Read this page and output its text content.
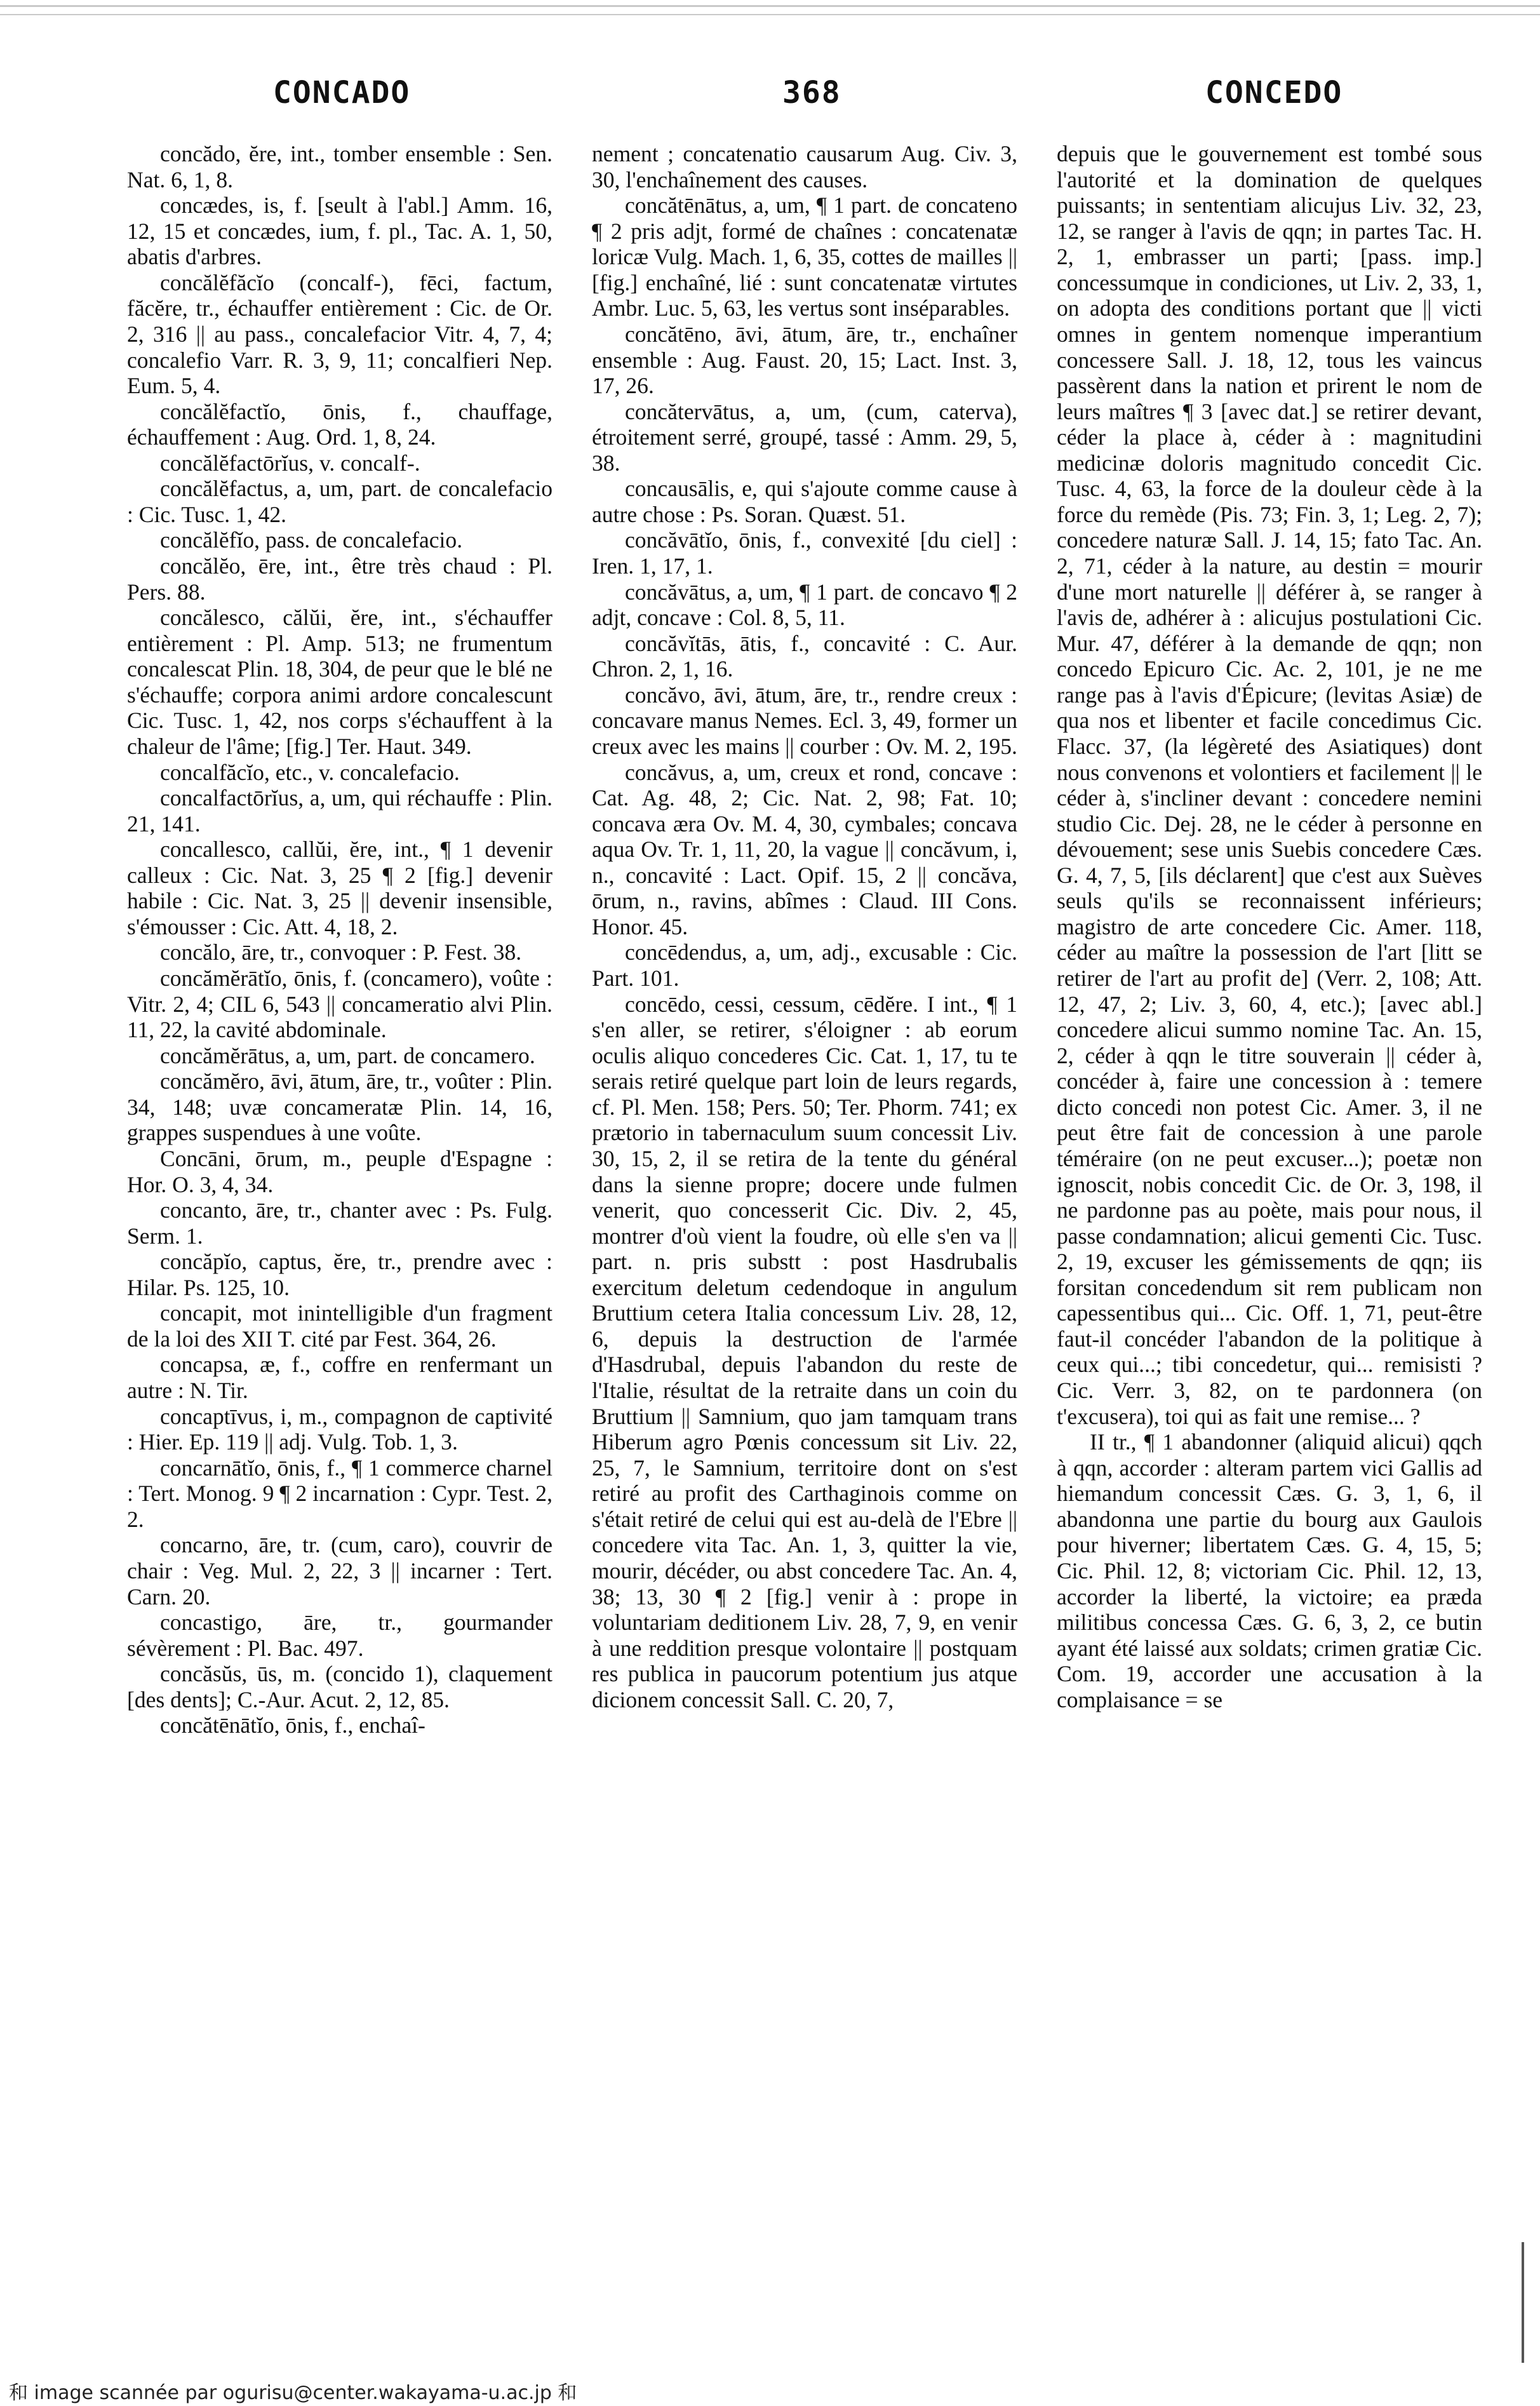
CONCADO	368	CONCEDO

concădo, ĕre, int., tomber ensemble : Sen. Nat. 6, 1, 8.

concædes, is, f. [seult à l'abl.] Amm. 16, 12, 15 et concædes, ium, f. pl., Tac. A. 1, 50, abatis d'arbres.

concălĕfăcĭo (concalf-), fēci, factum, făcĕre, tr., échauffer entièrement : Cic. de Or. 2, 316 || au pass., concalefacior Vitr. 4, 7, 4; concalefio Varr. R. 3, 9, 11; concalfieri Nep. Eum. 5, 4.

concălĕfactĭo, ōnis, f., chauffage, échauffement : Aug. Ord. 1, 8, 24.

concălĕfactōrĭus, v. concalf-.

concălĕfactus, a, um, part. de concalefacio : Cic. Tusc. 1, 42.

concălĕfĭo, pass. de concalefacio.

concălĕo, ēre, int., être très chaud : Pl. Pers. 88.

concălesco, călŭi, ĕre, int., s'échauffer entièrement : Pl. Amp. 513; ne frumentum concalescat Plin. 18, 304, de peur que le blé ne s'échauffe; corpora animi ardore concalescunt Cic. Tusc. 1, 42, nos corps s'échauffent à la chaleur de l'âme; [fig.] Ter. Haut. 349.

concalfăcĭo, etc., v. concalefacio.

concalfactōrĭus, a, um, qui réchauffe : Plin. 21, 141.

concallesco, callŭi, ĕre, int., ¶ 1 devenir calleux : Cic. Nat. 3, 25 ¶ 2 [fig.] devenir habile : Cic. Nat. 3, 25 || devenir insensible, s'émousser : Cic. Att. 4, 18, 2.

concălo, āre, tr., convoquer : P. Fest. 38.

concămĕrātĭo, ōnis, f. (concamero), voûte : Vitr. 2, 4; CIL 6, 543 || concameratio alvi Plin. 11, 22, la cavité abdominale.

concămĕrātus, a, um, part. de concamero.

concămĕro, āvi, ātum, āre, tr., voûter : Plin. 34, 148; uvæ concameratæ Plin. 14, 16, grappes suspendues à une voûte.

Concāni, ōrum, m., peuple d'Espagne : Hor. O. 3, 4, 34.

concanto, āre, tr., chanter avec : Ps. Fulg. Serm. 1.

concăpĭo, captus, ĕre, tr., prendre avec : Hilar. Ps. 125, 10.

concapit, mot inintelligible d'un fragment de la loi des XII T. cité par Fest. 364, 26.

concapsa, æ, f., coffre en renfermant un autre : N. Tir.

concaptīvus, i, m., compagnon de captivité : Hier. Ep. 119 || adj. Vulg. Tob. 1, 3.

concarnātĭo, ōnis, f., ¶ 1 commerce charnel : Tert. Monog. 9 ¶ 2 incarnation : Cypr. Test. 2, 2.

concarno, āre, tr. (cum, caro), couvrir de chair : Veg. Mul. 2, 22, 3 || incarner : Tert. Carn. 20.

concastigo, āre, tr., gourmander sévèrement : Pl. Bac. 497.

concăsŭs, ūs, m. (concido 1), claquement [des dents]; C.-Aur. Acut. 2, 12, 85.

concătēnātĭo, ōnis, f., enchaî-

nement ; concatenatio causarum Aug. Civ. 3, 30, l'enchaînement des causes.

concătēnātus, a, um, ¶ 1 part. de concateno ¶ 2 pris adjt, formé de chaînes : concatenatæ loricæ Vulg. Mach. 1, 6, 35, cottes de mailles || [fig.] enchaîné, lié : sunt concatenatæ virtutes Ambr. Luc. 5, 63, les vertus sont inséparables.

concătēno, āvi, ātum, āre, tr., enchaîner ensemble : Aug. Faust. 20, 15; Lact. Inst. 3, 17, 26.

concătervātus, a, um, (cum, caterva), étroitement serré, groupé, tassé : Amm. 29, 5, 38.

concausālis, e, qui s'ajoute comme cause à autre chose : Ps. Soran. Quæst. 51.

concăvātĭo, ōnis, f., convexité [du ciel] : Iren. 1, 17, 1.

concăvātus, a, um, ¶ 1 part. de concavo ¶ 2 adjt, concave : Col. 8, 5, 11.

concăvĭtās, ātis, f., concavité : C. Aur. Chron. 2, 1, 16.

concăvo, āvi, ātum, āre, tr., rendre creux : concavare manus Nemes. Ecl. 3, 49, former un creux avec les mains || courber : Ov. M. 2, 195.

concăvus, a, um, creux et rond, concave : Cat. Ag. 48, 2; Cic. Nat. 2, 98; Fat. 10; concava æra Ov. M. 4, 30, cymbales; concava aqua Ov. Tr. 1, 11, 20, la vague || concăvum, i, n., concavité : Lact. Opif. 15, 2 || concăva, ōrum, n., ravins, abîmes : Claud. III Cons. Honor. 45.

concēdendus, a, um, adj., excusable : Cic. Part. 101.

concēdo, cessi, cessum, cēdĕre. I int., ¶ 1 s'en aller, se retirer, s'éloigner : ab eorum oculis aliquo concederes Cic. Cat. 1, 17, tu te serais retiré quelque part loin de leurs regards, cf. Pl. Men. 158; Pers. 50; Ter. Phorm. 741; ex prætorio in tabernaculum suum concessit Liv. 30, 15, 2, il se retira de la tente du général dans la sienne propre; docere unde fulmen venerit, quo concesserit Cic. Div. 2, 45, montrer d'où vient la foudre, où elle s'en va || part. n. pris substt : post Hasdrubalis exercitum deletum cedendoque in angulum Bruttium cetera Italia concessum Liv. 28, 12, 6, depuis la destruction de l'armée d'Hasdrubal, depuis l'abandon du reste de l'Italie, résultat de la retraite dans un coin du Bruttium || Samnium, quo jam tamquam trans Hiberum agro Pœnis concessum sit Liv. 22, 25, 7, le Samnium, territoire dont on s'est retiré au profit des Carthaginois comme on s'était retiré de celui qui est au-delà de l'Ebre || concedere vita Tac. An. 1, 3, quitter la vie, mourir, décéder, ou abst concedere Tac. An. 4, 38; 13, 30 ¶ 2 [fig.] venir à : prope in voluntariam deditionem Liv. 28, 7, 9, en venir à une reddition presque volontaire || postquam res publica in paucorum potentium jus atque dicionem concessit Sall. C. 20, 7,

depuis que le gouvernement est tombé sous l'autorité et la domination de quelques puissants; in sententiam alicujus Liv. 32, 23, 12, se ranger à l'avis de qqn; in partes Tac. H. 2, 1, embrasser un parti; [pass. imp.] concessumque in condiciones, ut Liv. 2, 33, 1, on adopta des conditions portant que || victi omnes in gentem nomenque imperantium concessere Sall. J. 18, 12, tous les vaincus passèrent dans la nation et prirent le nom de leurs maîtres ¶ 3 [avec dat.] se retirer devant, céder la place à, céder à : magnitudini medicinæ doloris magnitudo concedit Cic. Tusc. 4, 63, la force de la douleur cède à la force du remède (Pis. 73; Fin. 3, 1; Leg. 2, 7); concedere naturæ Sall. J. 14, 15; fato Tac. An. 2, 71, céder à la nature, au destin = mourir d'une mort naturelle || déférer à, se ranger à l'avis de, adhérer à : alicujus postulationi Cic. Mur. 47, déférer à la demande de qqn; non concedo Epicuro Cic. Ac. 2, 101, je ne me range pas à l'avis d'Épicure; (levitas Asiæ) de qua nos et libenter et facile concedimus Cic. Flacc. 37, (la légèreté des Asiatiques) dont nous convenons et volontiers et facilement || le céder à, s'incliner devant : concedere nemini studio Cic. Dej. 28, ne le céder à personne en dévouement; sese unis Suebis concedere Cæs. G. 4, 7, 5, [ils déclarent] que c'est aux Suèves seuls qu'ils se reconnaissent inférieurs; magistro de arte concedere Cic. Amer. 118, céder au maître la possession de l'art [litt se retirer de l'art au profit de] (Verr. 2, 108; Att. 12, 47, 2; Liv. 3, 60, 4, etc.); [avec abl.] concedere alicui summo nomine Tac. An. 15, 2, céder à qqn le titre souverain || céder à, concéder à, faire une concession à : temere dicto concedi non potest Cic. Amer. 3, il ne peut être fait de concession à une parole téméraire (on ne peut excuser...); poetæ non ignoscit, nobis concedit Cic. de Or. 3, 198, il ne pardonne pas au poète, mais pour nous, il passe condamnation; alicui gementi Cic. Tusc. 2, 19, excuser les gémissements de qqn; iis forsitan concedendum sit rem publicam non capessentibus qui... Cic. Off. 1, 71, peut-être faut-il concéder l'abandon de la politique à ceux qui...; tibi concedetur, qui... remisisti ? Cic. Verr. 3, 82, on te pardonnera (on t'excusera), toi qui as fait une remise... ?

II tr., ¶ 1 abandonner (aliquid alicui) qqch à qqn, accorder : alteram partem vici Gallis ad hiemandum concessit Cæs. G. 3, 1, 6, il abandonna une partie du bourg aux Gaulois pour hiverner; libertatem Cæs. G. 4, 15, 5; Cic. Phil. 12, 8; victoriam Cic. Phil. 12, 13, accorder la liberté, la victoire; ea præda militibus concessa Cæs. G. 6, 3, 2, ce butin ayant été laissé aux soldats; crimen gratiæ Cic. Com. 19, accorder une accusation à la complaisance = se

和 image scannée par ogurisu@center.wakayama-u.ac.jp 和
